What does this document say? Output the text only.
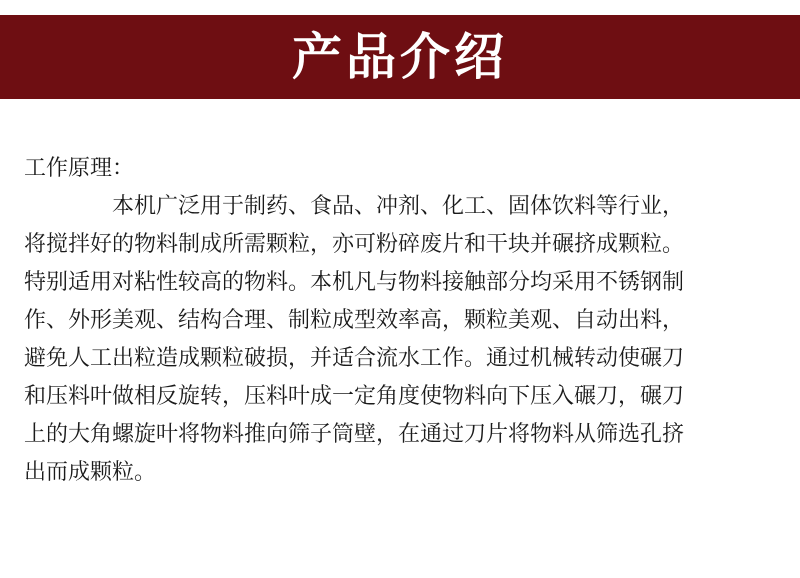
产品介绍
工作原理：
本机广泛用于制药、食品、冲剂、化工、固体饮料等行业，
将搅拌好的物料制成所需颗粒，亦可粉碎废片和干块并碾挤成颗粒。
特别适用对粘性较高的物料。本机凡与物料接触部分均采用不锈钢制
作、外形美观、结构合理、制粒成型效率高，颗粒美观、自动出料，
避免人工出粒造成颗粒破损，并适合流水工作。通过机械转动使碾刀
和压料叶做相反旋转，压料叶成一定角度使物料向下压入碾刀，碾刀
上的大角螺旋叶将物料推向筛子筒壁，在通过刀片将物料从筛选孔挤
出而成颗粒。
